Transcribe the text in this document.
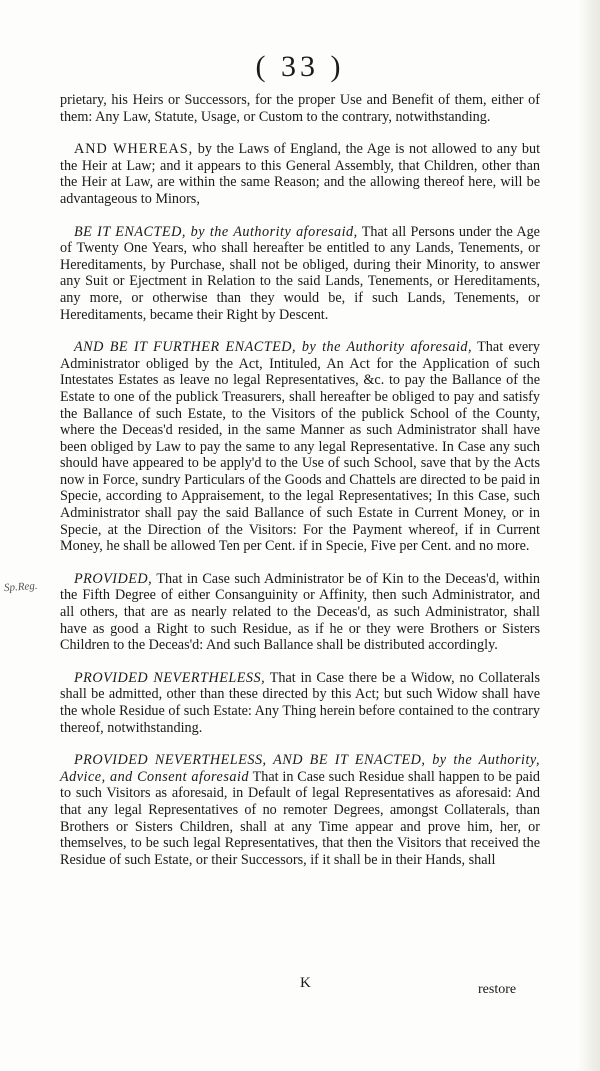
( 33 )

prietary, his Heirs or Successors, for the proper Use and Benefit of them, either of them: Any Law, Statute, Usage, or Custom to the contrary, notwithstanding.

AND WHEREAS, by the Laws of England, the Age is not allowed to any but the Heir at Law; and it appears to this General Assembly, that Children, other than the Heir at Law, are within the same Reason; and the allowing thereof here, will be advantageous to Minors,

BE IT ENACTED, by the Authority aforesaid, That all Persons under the Age of Twenty One Years, who shall hereafter be entitled to any Lands, Tenements, or Hereditaments, by Purchase, shall not be obliged, during their Minority, to answer any Suit or Ejectment in Relation to the said Lands, Tenements, or Hereditaments, any more, or otherwise than they would be, if such Lands, Tenements, or Hereditaments, became their Right by Descent.

AND BE IT FURTHER ENACTED, by the Authority aforesaid, That every Administrator obliged by the Act, Intituled, An Act for the Application of such Intestates Estates as leave no legal Representatives, &c. to pay the Ballance of the Estate to one of the publick Treasurers, shall hereafter be obliged to pay and satisfy the Ballance of such Estate, to the Visitors of the publick School of the County, where the Deceas'd resided, in the same Manner as such Administrator shall have been obliged by Law to pay the same to any legal Representative. In Case any such should have appeared to be apply'd to the Use of such School, save that by the Acts now in Force, sundry Particulars of the Goods and Chattels are directed to be paid in Specie, according to Appraisement, to the legal Representatives; In this Case, such Administrator shall pay the said Ballance of such Estate in Current Money, or in Specie, at the Direction of the Visitors: For the Payment whereof, if in Current Money, he shall be allowed Ten per Cent. if in Specie, Five per Cent. and no more.

PROVIDED, That in Case such Administrator be of Kin to the Deceas'd, within the Fifth Degree of either Consanguinity or Affinity, then such Administrator, and all others, that are as nearly related to the Deceas'd, as such Administrator, shall have as good a Right to such Residue, as if he or they were Brothers or Sisters Children to the Deceas'd: And such Ballance shall be distributed accordingly.

PROVIDED NEVERTHELESS, That in Case there be a Widow, no Collaterals shall be admitted, other than these directed by this Act; but such Widow shall have the whole Residue of such Estate: Any Thing herein before contained to the contrary thereof, notwithstanding.

PROVIDED NEVERTHELESS, AND BE IT ENACTED, by the Authority, Advice, and Consent aforesaid That in Case such Residue shall happen to be paid to such Visitors as aforesaid, in Default of legal Representatives as aforesaid: And that any legal Representatives of no remoter Degrees, amongst Collaterals, than Brothers or Sisters Children, shall at any Time appear and prove him, her, or themselves, to be such legal Representatives, that then the Visitors that received the Residue of such Estate, or their Successors, if it shall be in their Hands, shall

Sp.Reg.
K	restore
